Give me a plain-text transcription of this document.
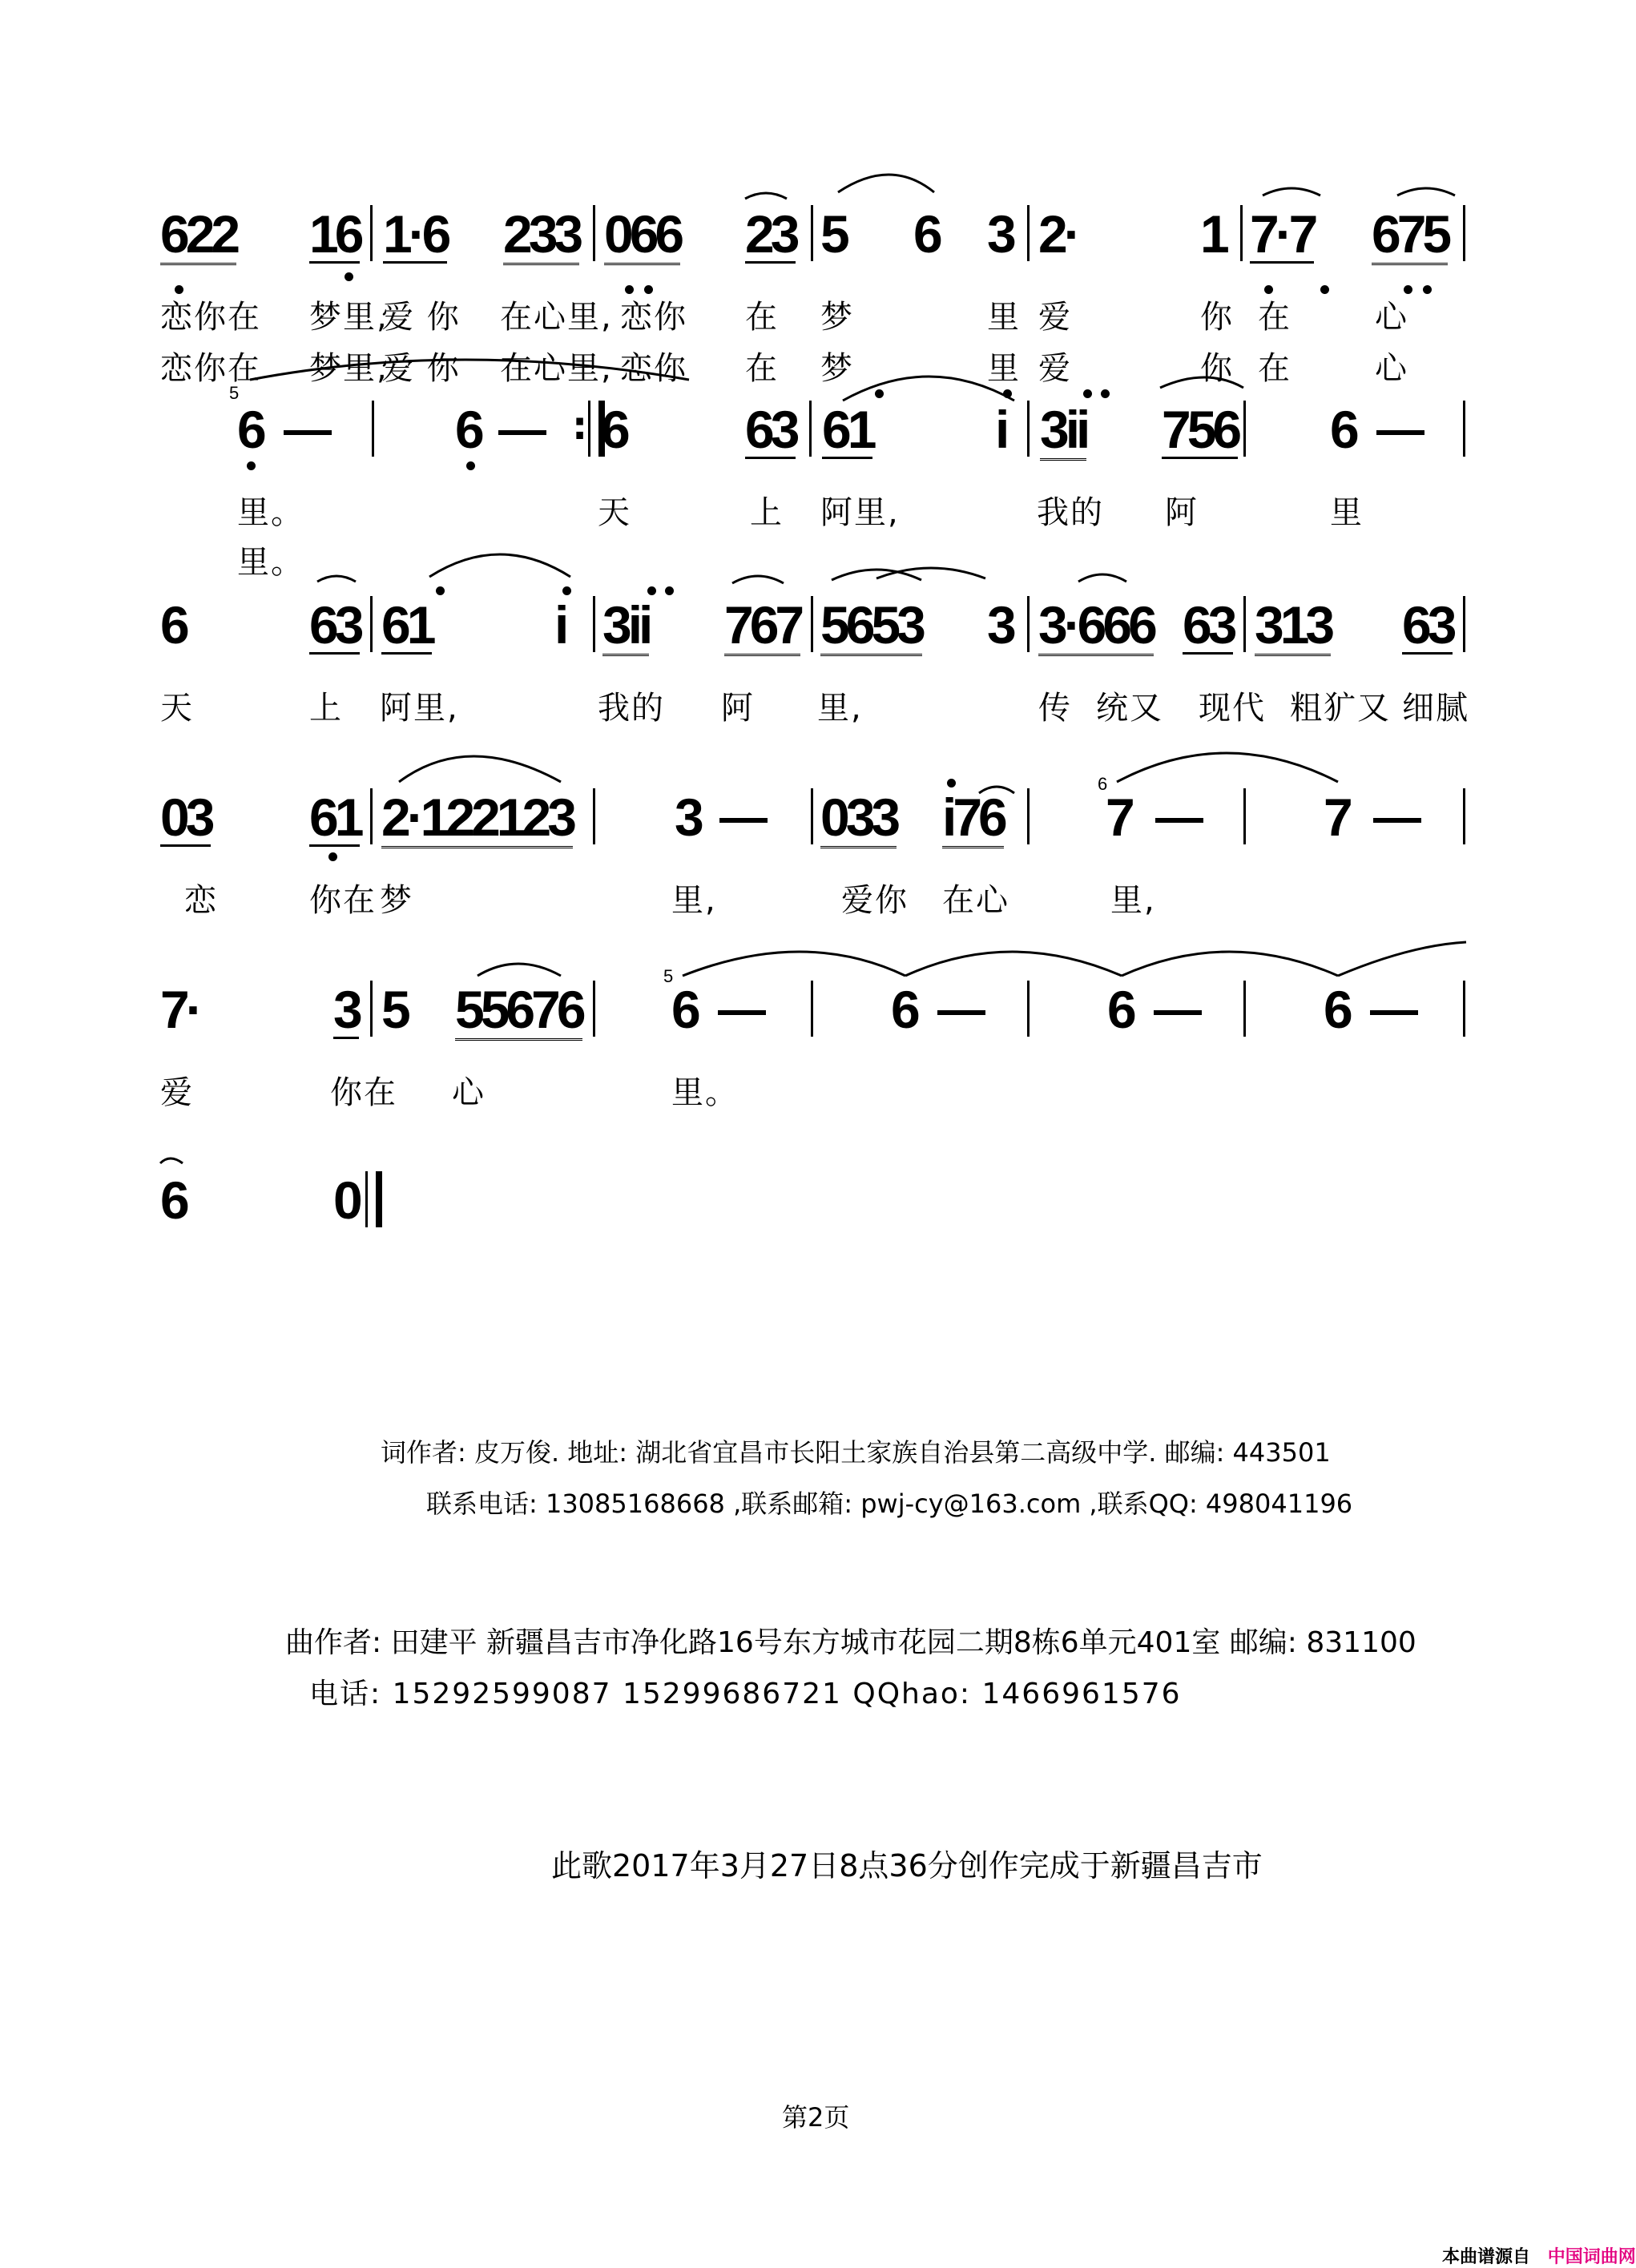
622 16 1·6 233 066 23 5 6 3 2· 1 7·7 675
恋你在 梦里,
爱 你 在心里, 恋你 在 梦	里 爱	你 在	心
恋你在 梦里,
爱 你 在心里, 恋你 在 梦	里 爱	你 在	心
5
6 — 6 — : 6 63 61 i 3ii 756 6 —
里。	天	上 阿里,	我的 阿	里
里。
6 63 61 i 3ii 767 5653 3 3·666 63 313 63
天	上 阿里,	我的 阿 里,	传 统又 现代 粗犷又 细腻
03 61 2·122123 3 — 033 i76
6
7 — 7 —
恋	你在 梦	里,	爱你 在心	里,
7·	3 5 55676
5
6 — 6 — 6 — 6 —
爱	你在 心	里。
6	0
词作者: 皮万俊. 地址: 湖北省宜昌市长阳土家族自治县第二高级中学. 邮编: 443501
联系电话: 13085168668 ,联系邮箱: pwj-cy@163.com ,联系QQ: 498041196
曲作者: 田建平 新疆昌吉市净化路16号东方城市花园二期8栋6单元401室 邮编: 831100
电话: 15292599087 15299686721 QQhao: 1466961576
此歌2017年3月27日8点36分创作完成于新疆昌吉市
第2页
本曲谱源自 中国词曲网
